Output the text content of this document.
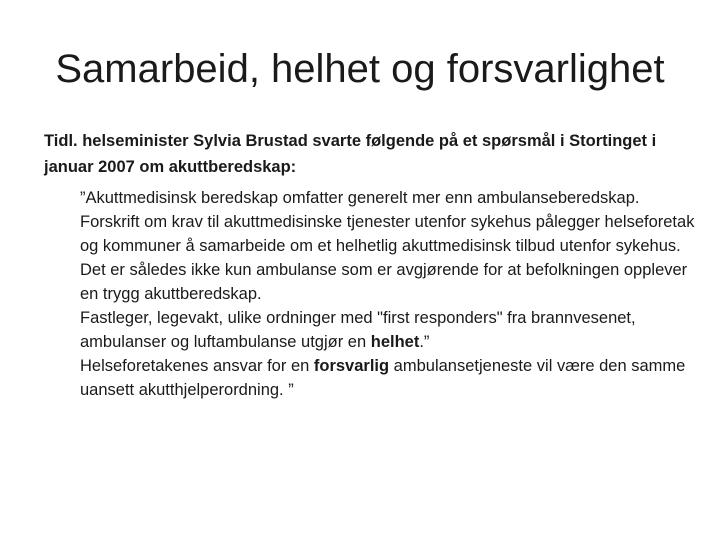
Samarbeid, helhet og forsvarlighet

Tidl. helseminister Sylvia Brustad svarte følgende på et spørsmål i Stortinget i januar 2007 om akuttberedskap:

”Akuttmedisinsk beredskap omfatter generelt mer enn ambulanseberedskap.
Forskrift om krav til akuttmedisinske tjenester utenfor sykehus pålegger helseforetak og kommuner å samarbeide om et helhetlig akuttmedisinsk tilbud utenfor sykehus.
Det er således ikke kun ambulanse som er avgjørende for at befolkningen opplever en trygg akuttberedskap.
Fastleger, legevakt, ulike ordninger med "first responders" fra brannvesenet, ambulanser og luftambulanse utgjør en helhet.”
Helseforetakenes ansvar for en forsvarlig ambulansetjeneste vil være den samme uansett akutthjelperordning. ”
